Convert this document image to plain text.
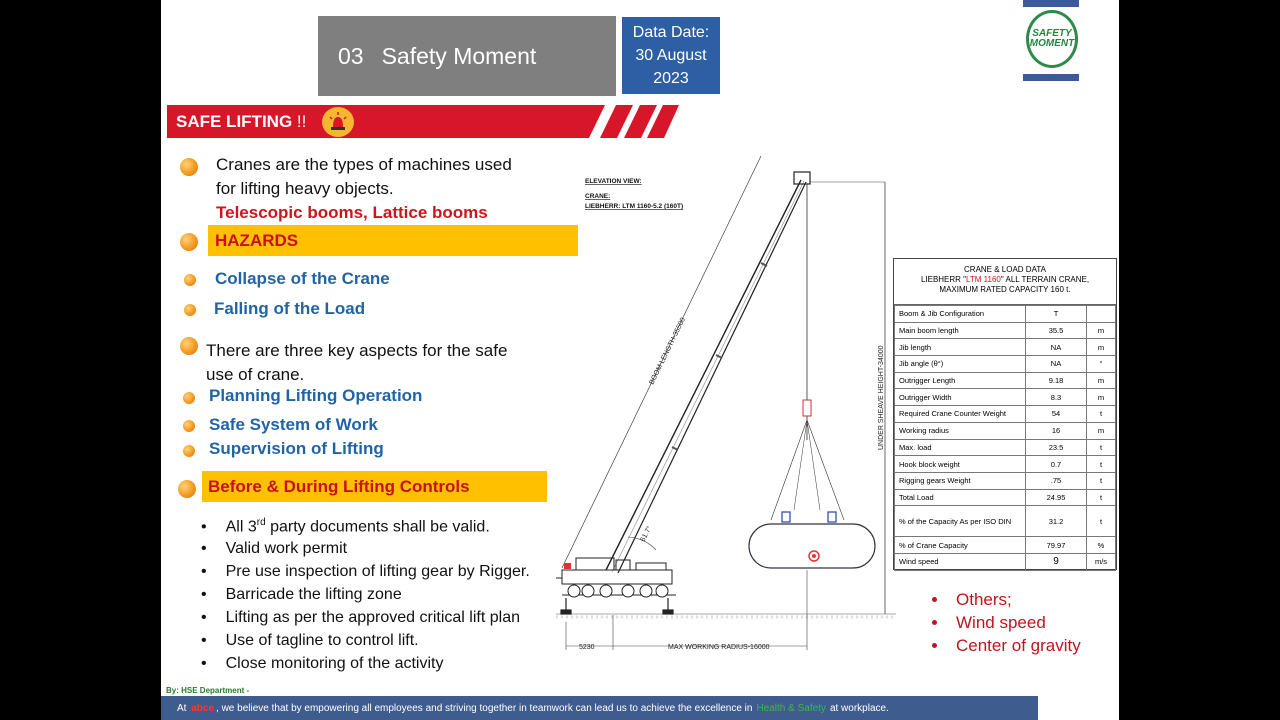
03 Safety Moment
Data Date:
30 August
2023
SAFETY
MOMENT
SAFE LIFTING !!
Cranes are the types of machines used
for lifting heavy objects.
Telescopic booms, Lattice booms
HAZARDS
Collapse of the Crane
Falling of the Load
There are three key aspects for the safe
use of crane.
Planning Lifting Operation
Safe System of Work
Supervision of Lifting
Before & During Lifting Controls
• All 3rd party documents shall be valid.
• Valid work permit
• Pre use inspection of lifting gear by Rigger.
• Barricade the lifting zone
• Lifting as per the approved critical lift plan
• Use of tagline to control lift.
• Close monitoring of the activity
ELEVATION VIEW:
CRANE:
LIEBHERR: LTM 1160-5.2 (160T)
BOOM LENGTH-35500	UNDER SHEAVE HEIGHT-34000
61.7°
5230	MAX WORKING RADIUS-16000
CRANE & LOAD DATA
LIEBHERR "LTM 1160" ALL TERRAIN CRANE,
MAXIMUM RATED CAPACITY 160 t.
Boom & Jib Configuration	T	
Main boom length	35.5	m
Jib length	NA	m
Jib angle (θ°)	NA	°
Outrigger Length	9.18	m
Outrigger Width	8.3	m
Required Crane Counter Weight	54	t
Working radius	16	m
Max. load	23.5	t
Hook block weight	0.7	t
Rigging gears Weight	.75	t
Total Load	24.95	t
% of the Capacity As per ISO DIN	31.2	t
% of Crane Capacity	79.97	%
Wind speed	9	m/s
Others;
Wind speed
Center of gravity
By: HSE Department -
At
abce , we believe that by empowering all employees and striving together in teamwork can lead us to achieve the excellence in Health & Safety at workplace.
